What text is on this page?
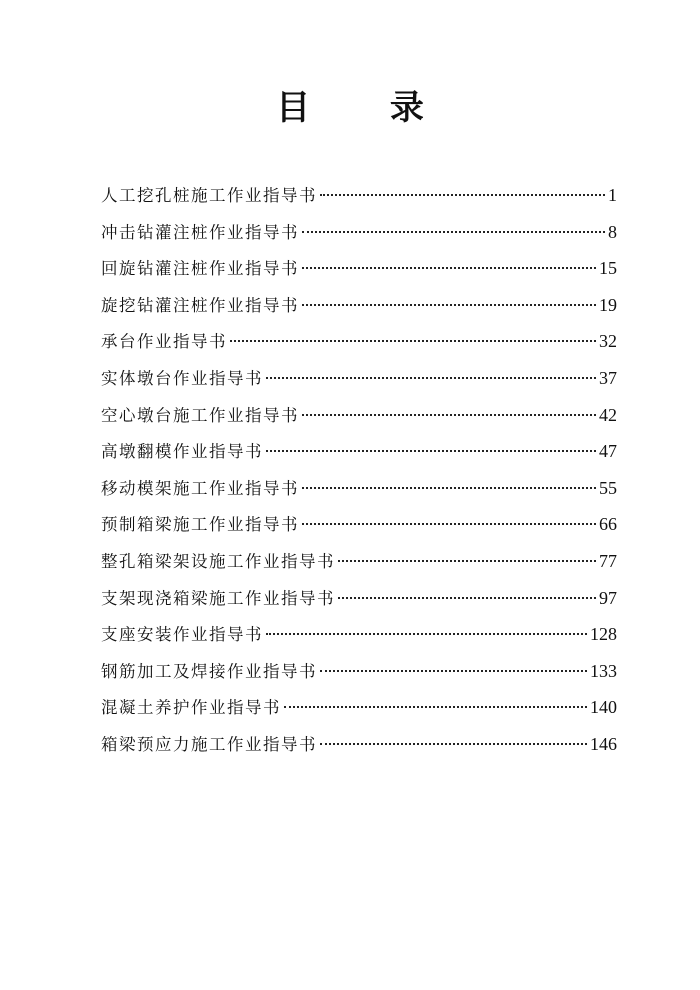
目 录
人工挖孔桩施工作业指导书	1
冲击钻灌注桩作业指导书	8
回旋钻灌注桩作业指导书	15
旋挖钻灌注桩作业指导书	19
承台作业指导书	32
实体墩台作业指导书	37
空心墩台施工作业指导书	42
高墩翻模作业指导书	47
移动模架施工作业指导书	55
预制箱梁施工作业指导书	66
整孔箱梁架设施工作业指导书	77
支架现浇箱梁施工作业指导书	97
支座安装作业指导书	128
钢筋加工及焊接作业指导书	133
混凝土养护作业指导书	140
箱梁预应力施工作业指导书	146
